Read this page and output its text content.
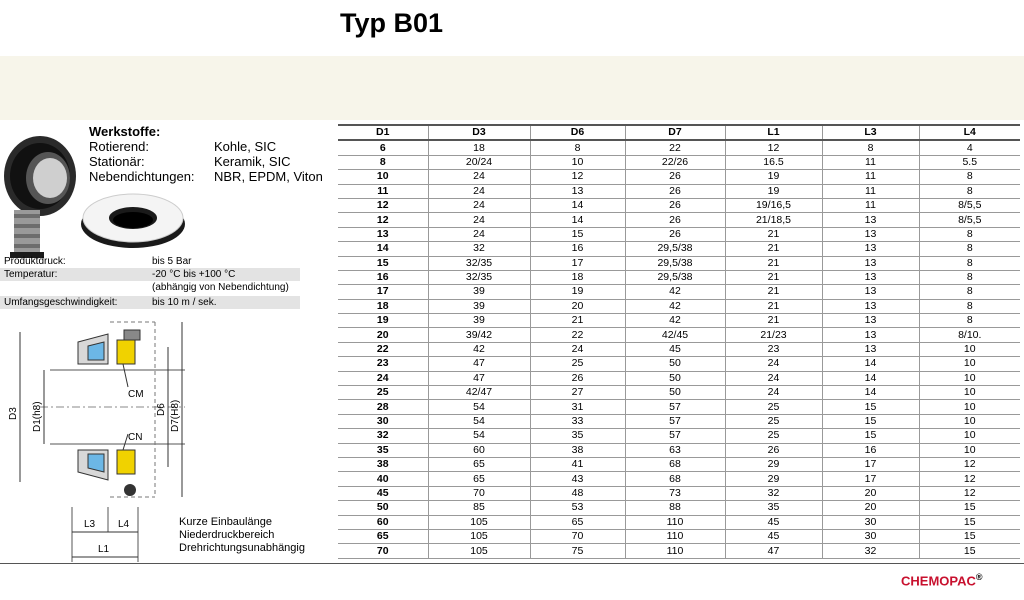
Typ B01
Werkstoffe:
Rotierend:	Kohle, SIC
Stationär:	Keramik, SIC
Nebendichtungen:	NBR, EPDM, Viton
Produktdruck:	bis 5 Bar
Temperatur:	-20 °C bis +100 °C
(abhängig von Nebendichtung)
Umfangsgeschwindigkeit:	bis 10 m / sek.
D3 D1(h8)	D6 D7(H8)
CM
CN
L3 L4
L1
Kurze Einbaulänge
Niederdruckbereich
Drehrichtungsunabhängig
D1	D3	D6	D7	L1	L3	L4
6	18	8	22	12	8	4
8	20/24	10	22/26	16.5	11	5.5
10	24	12	26	19	11	8
11	24	13	26	19	11	8
12	24	14	26	19/16,5	11	8/5,5
12	24	14	26	21/18,5	13	8/5,5
13	24	15	26	21	13	8
14	32	16	29,5/38	21	13	8
15	32/35	17	29,5/38	21	13	8
16	32/35	18	29,5/38	21	13	8
17	39	19	42	21	13	8
18	39	20	42	21	13	8
19	39	21	42	21	13	8
20	39/42	22	42/45	21/23	13	8/10.
22	42	24	45	23	13	10
23	47	25	50	24	14	10
24	47	26	50	24	14	10
25	42/47	27	50	24	14	10
28	54	31	57	25	15	10
30	54	33	57	25	15	10
32	54	35	57	25	15	10
35	60	38	63	26	16	10
38	65	41	68	29	17	12
40	65	43	68	29	17	12
45	70	48	73	32	20	12
50	85	53	88	35	20	15
60	105	65	110	45	30	15
65	105	70	110	45	30	15
70	105	75	110	47	32	15
CHEMOPAC®
